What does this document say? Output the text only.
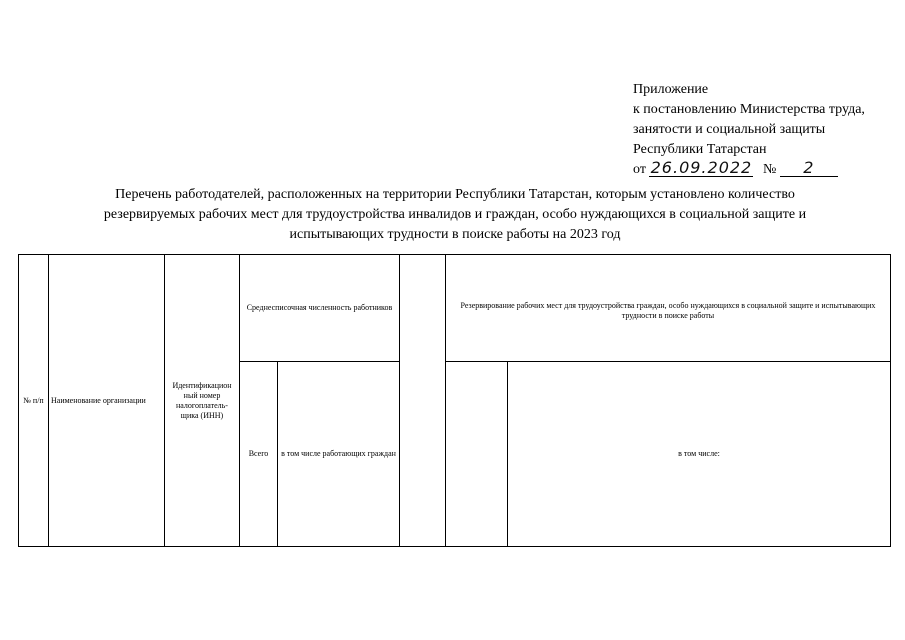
Приложение
к постановлению Министерства труда,
занятости и социальной защиты
Республики Татарстан
от 26.09.2022 № 2
Перечень работодателей, расположенных на территории Республики Татарстан, которым установлено количество
резервируемых рабочих мест для трудоустройства инвалидов и граждан, особо нуждающихся в социальной защите и
испытывающих трудности в поиске работы на 2023 год
№ п/п	Наименование организации	Идентификацион ный номер налогоплатель- щика (ИНН)	Среднесписочная численность работников			Резервирование рабочих мест для трудоустройства граждан, особо нуждающихся в социальной защите и испытывающих трудности в поиске работы	
			Всего	в том числе работающих граждан			в том числе:
